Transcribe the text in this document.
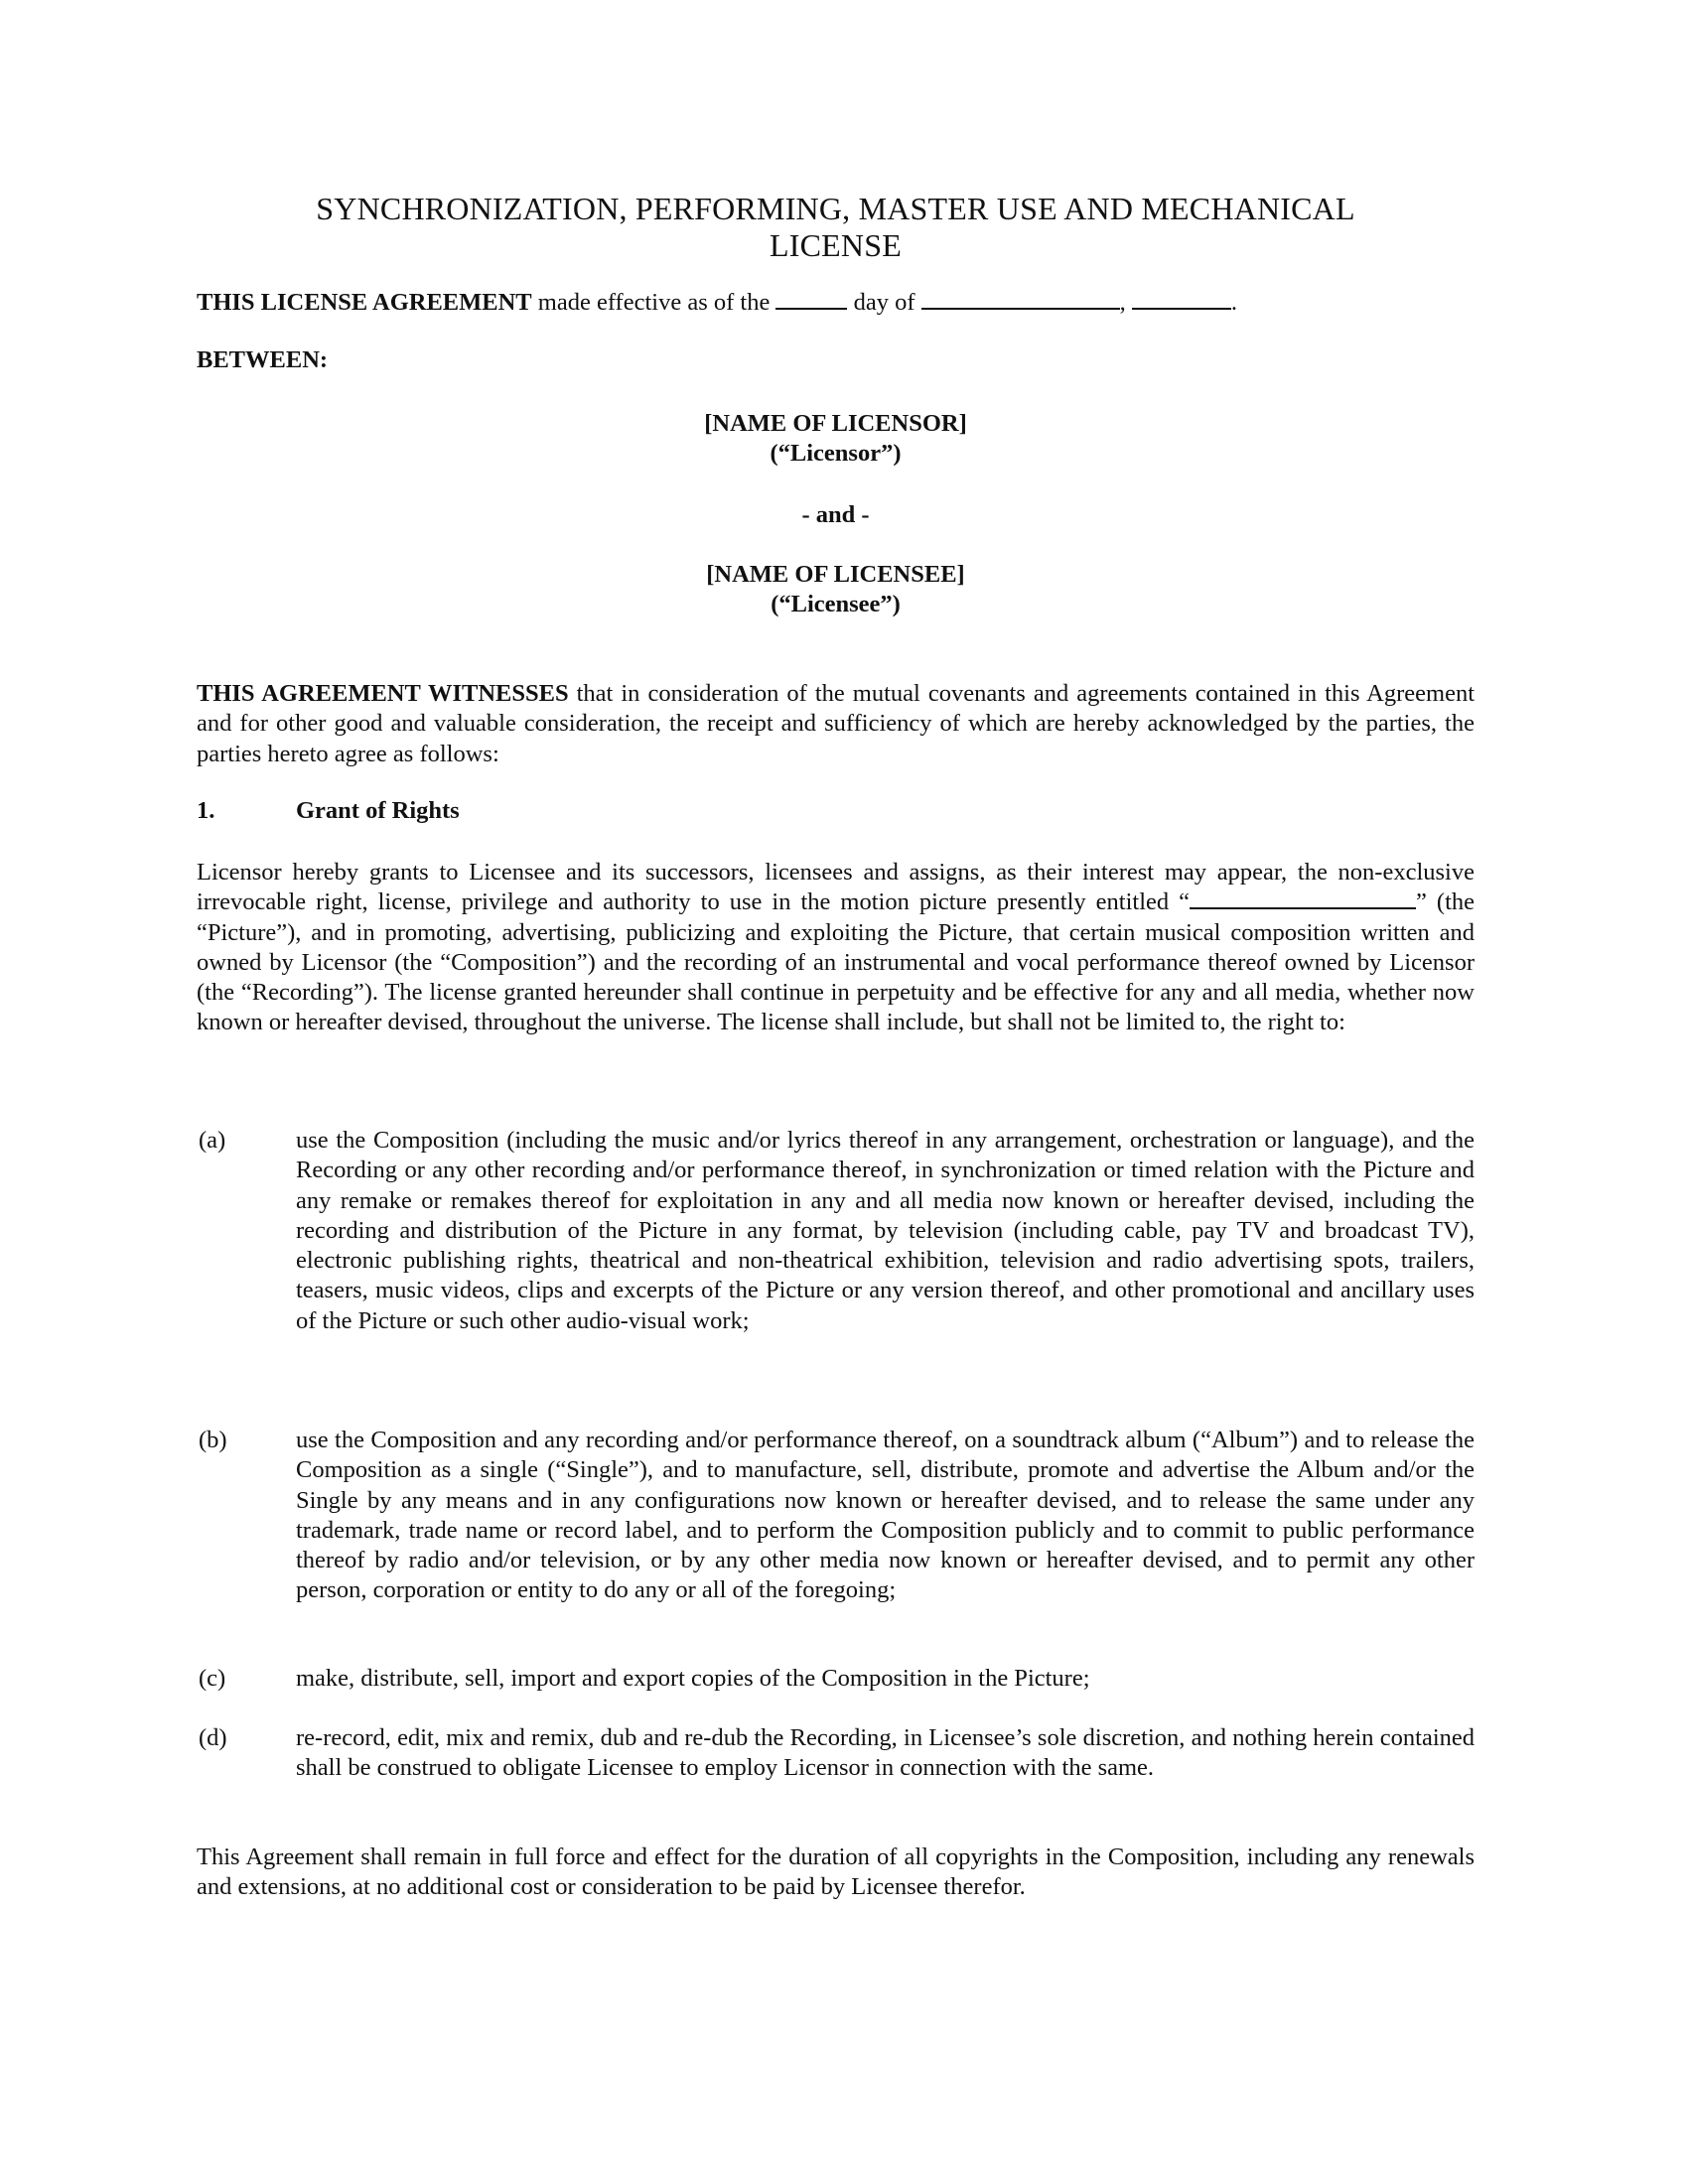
SYNCHRONIZATION, PERFORMING, MASTER USE AND MECHANICAL
LICENSE
THIS LICENSE AGREEMENT made effective as of the	day of	,	.
BETWEEN:
[NAME OF LICENSOR]
(“Licensor”)
- and -
[NAME OF LICENSEE]
(“Licensee”)
THIS AGREEMENT WITNESSES that in consideration of the mutual covenants and agreements contained in this Agreement and for other good and valuable consideration, the receipt and sufficiency of which are hereby acknowledged by the parties, the parties hereto agree as follows:
1.	Grant of Rights
Licensor hereby grants to Licensee and its successors, licensees and assigns, as their interest may appear, the non-exclusive irrevocable right, license, privilege and authority to use in the motion picture presently entitled “	” (the “Picture”), and in promoting, advertising, publicizing and exploiting the Picture, that certain musical composition written and owned by Licensor (the “Composition”) and the recording of an instrumental and vocal performance thereof owned by Licensor (the “Recording”). The license granted hereunder shall continue in perpetuity and be effective for any and all media, whether now known or hereafter devised, throughout the universe. The license shall include, but shall not be limited to, the right to:
(a)	use the Composition (including the music and/or lyrics thereof in any arrangement, orchestration or language), and the Recording or any other recording and/or performance thereof, in synchronization or timed relation with the Picture and any remake or remakes thereof for exploitation in any and all media now known or hereafter devised, including the recording and distribution of the Picture in any format, by television (including cable, pay TV and broadcast TV), electronic publishing rights, theatrical and non-theatrical exhibition, television and radio advertising spots, trailers, teasers, music videos, clips and excerpts of the Picture or any version thereof, and other promotional and ancillary uses of the Picture or such other audio-visual work;
(b)	use the Composition and any recording and/or performance thereof, on a soundtrack album (“Album”) and to release the Composition as a single (“Single”), and to manufacture, sell, distribute, promote and advertise the Album and/or the Single by any means and in any configurations now known or hereafter devised, and to release the same under any trademark, trade name or record label, and to perform the Composition publicly and to commit to public performance thereof by radio and/or television, or by any other media now known or hereafter devised, and to permit any other person, corporation or entity to do any or all of the foregoing;
(c)	make, distribute, sell, import and export copies of the Composition in the Picture;
(d)	re-record, edit, mix and remix, dub and re-dub the Recording, in Licensee’s sole discretion, and nothing herein contained shall be construed to obligate Licensee to employ Licensor in connection with the same.
This Agreement shall remain in full force and effect for the duration of all copyrights in the Composition, including any renewals and extensions, at no additional cost or consideration to be paid by Licensee therefor.
